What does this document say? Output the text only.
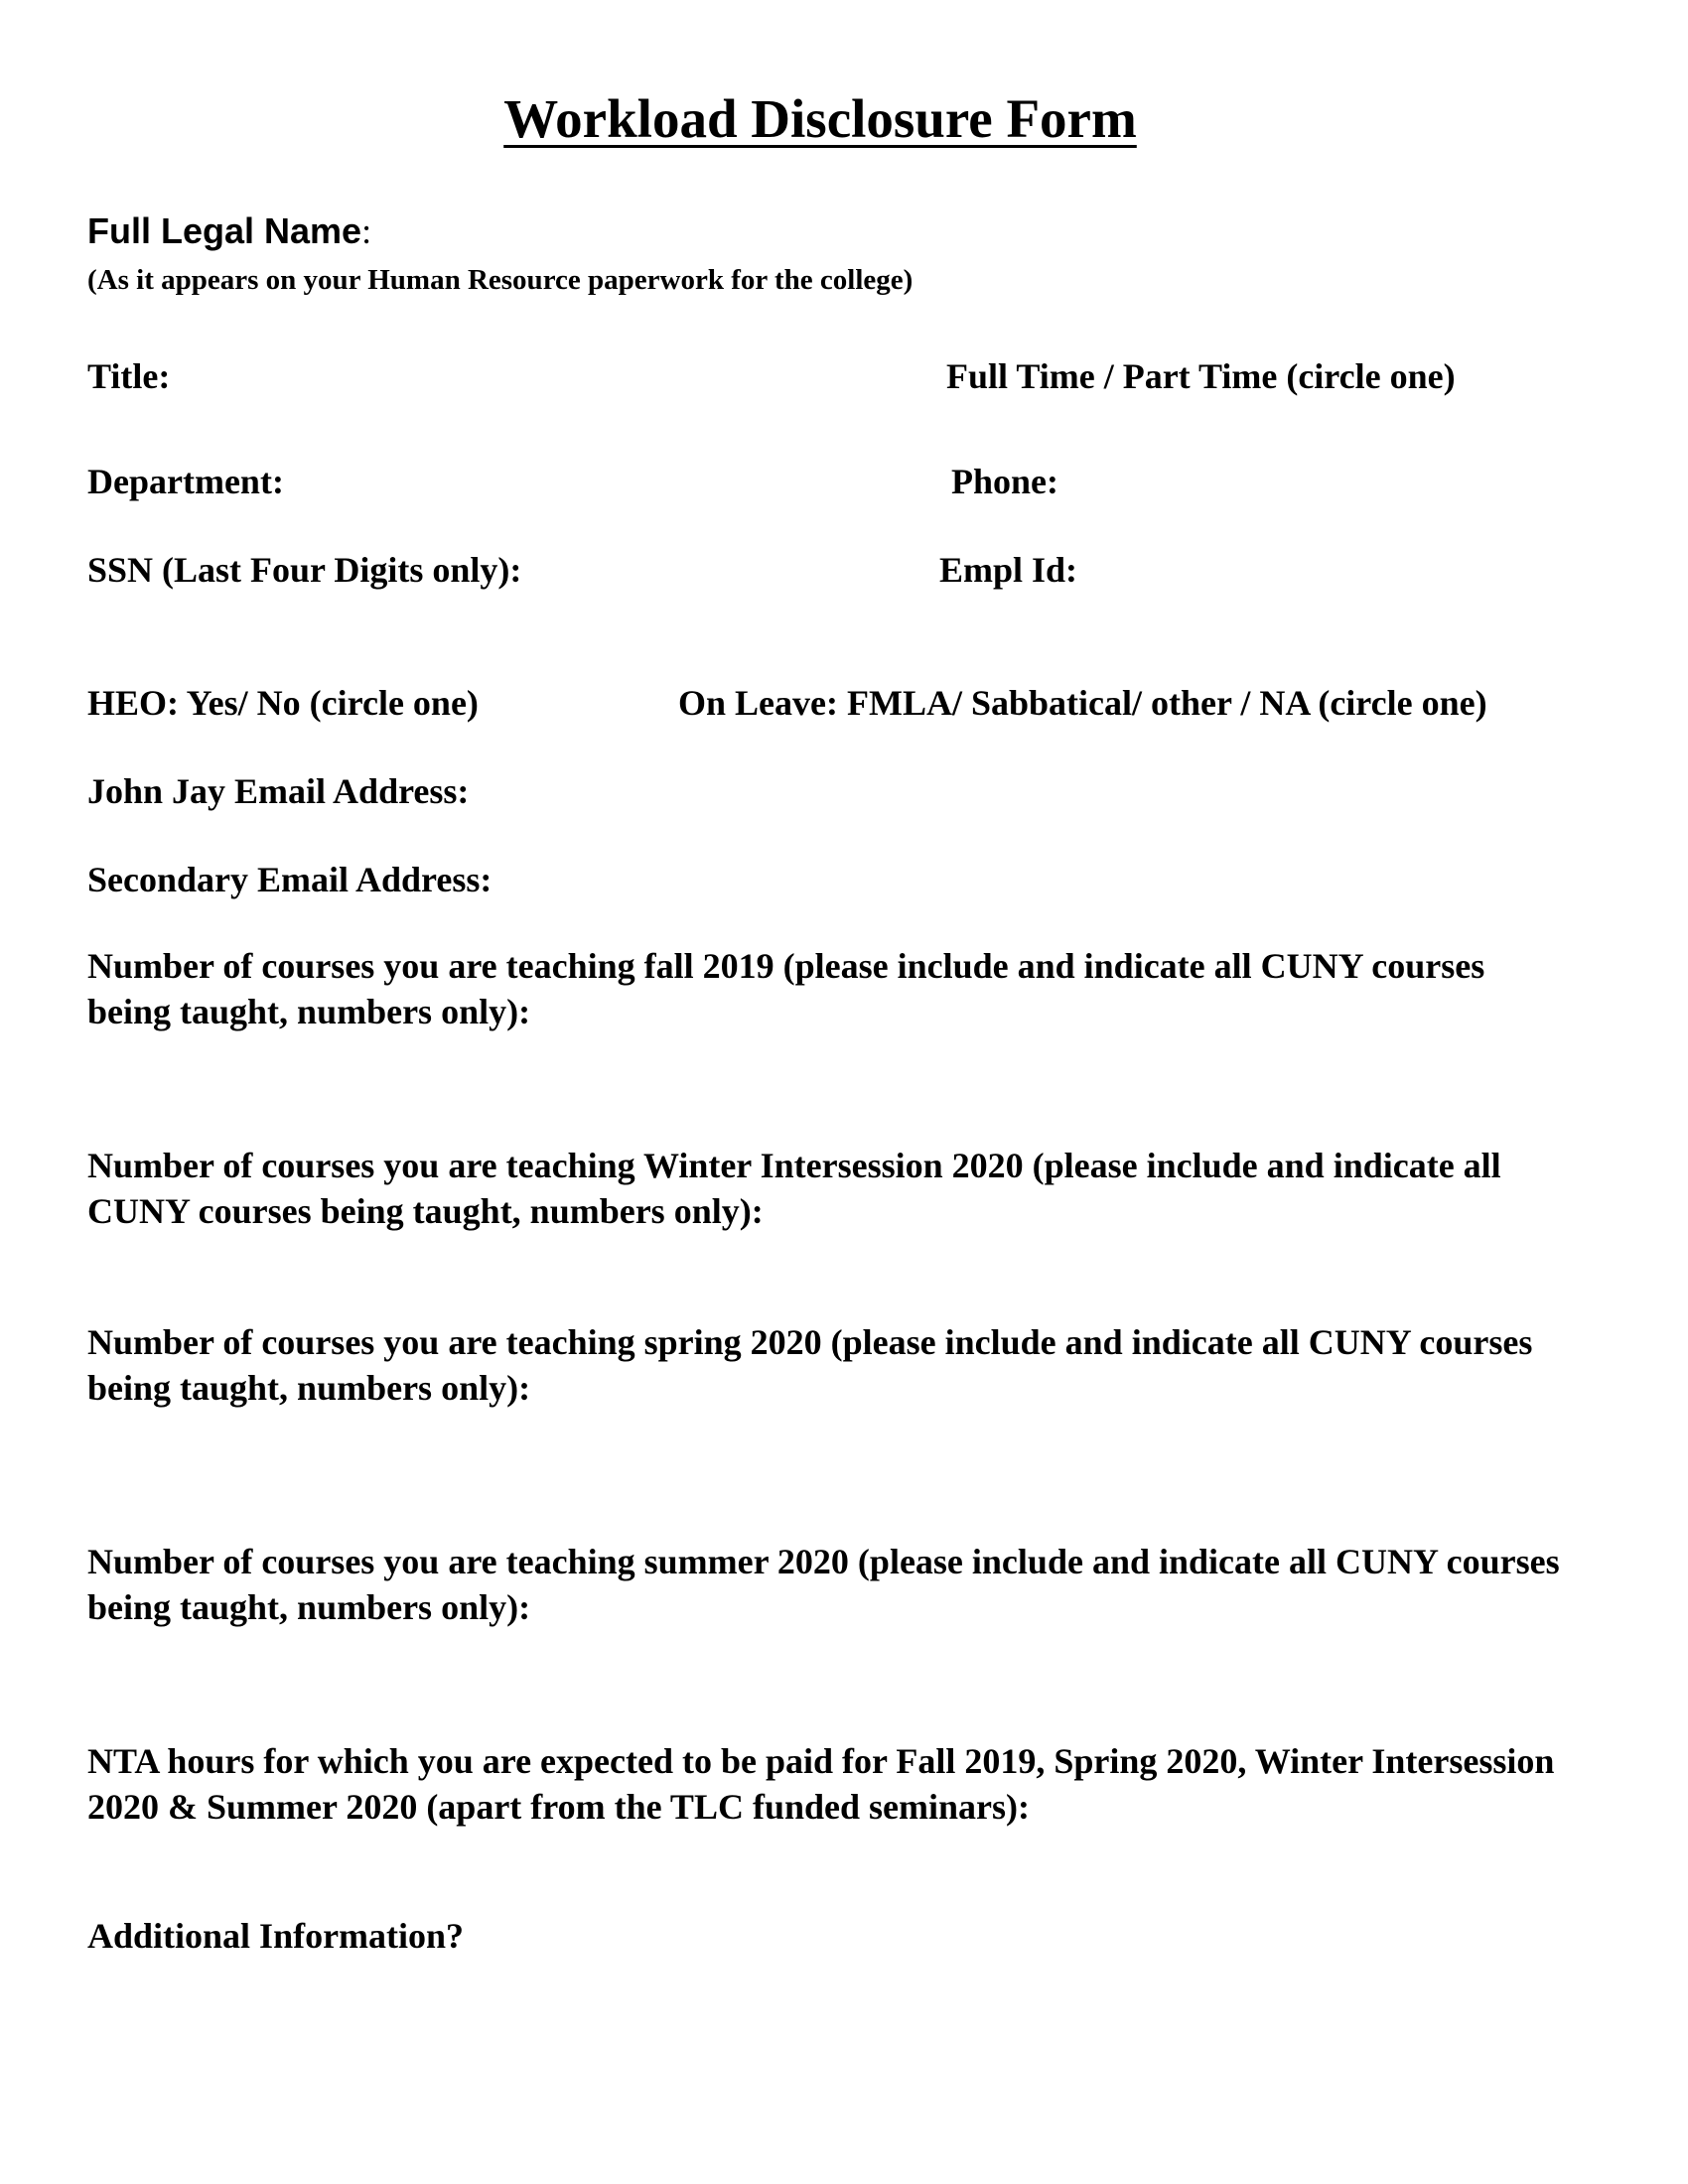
Workload Disclosure Form
Full Legal Name:
(As it appears on your Human Resource paperwork for the college)
Title:	Full Time / Part Time (circle one)
Department:	Phone:
SSN (Last Four Digits only):	Empl Id:
HEO: Yes/ No (circle one)	On Leave: FMLA/ Sabbatical/ other / NA (circle one)
John Jay Email Address:
Secondary Email Address:
Number of courses you are teaching fall 2019 (please include and indicate all CUNY courses being taught, numbers only):
Number of courses you are teaching Winter Intersession 2020 (please include and indicate all CUNY courses being taught, numbers only):
Number of courses you are teaching spring 2020 (please include and indicate all CUNY courses being taught, numbers only):
Number of courses you are teaching summer 2020 (please include and indicate all CUNY courses being taught, numbers only):
NTA hours for which you are expected to be paid for Fall 2019, Spring 2020, Winter Intersession 2020 & Summer 2020 (apart from the TLC funded seminars):
Additional Information?
